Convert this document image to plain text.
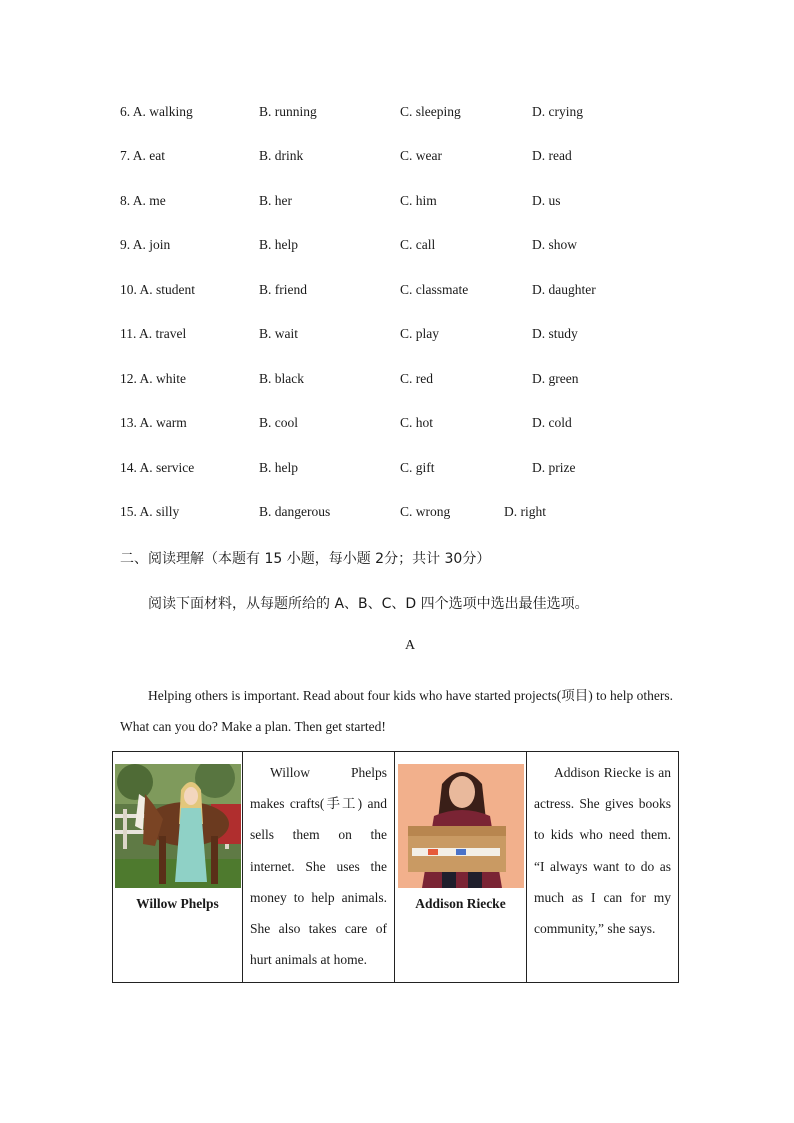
6. A. walking	B. running	C. sleeping	D. crying
7. A. eat	B. drink	C. wear	D. read
8. A. me	B. her	C. him	D. us
9. A. join	B. help	C. call	D. show
10. A. student	B. friend	C. classmate	D. daughter
11. A. travel	B. wait	C. play	D. study
12. A. white	B. black	C. red	D. green
13. A. warm	B. cool	C. hot	D. cold
14. A. service	B. help	C. gift	D. prize
15. A. silly	B. dangerous	C. wrong	D. right
二、阅读理解（本题有 15 小题，每小题 2分；共计 30分）
阅读下面材料，从每题所给的 A、B、C、D 四个选项中选出最佳选项。
A
Helping others is important. Read about four kids who have started projects(项目) to help others. What can you do? Make a plan. Then get started!
Willow Phelps

Willow Phelps makes crafts(手工) and sells them on the internet. She uses the money to help animals. She also takes care of hurt animals at home.

Addison Riecke

Addison Riecke is an actress. She gives books to kids who need them. “I always want to do as much as I can for my community,” she says.
